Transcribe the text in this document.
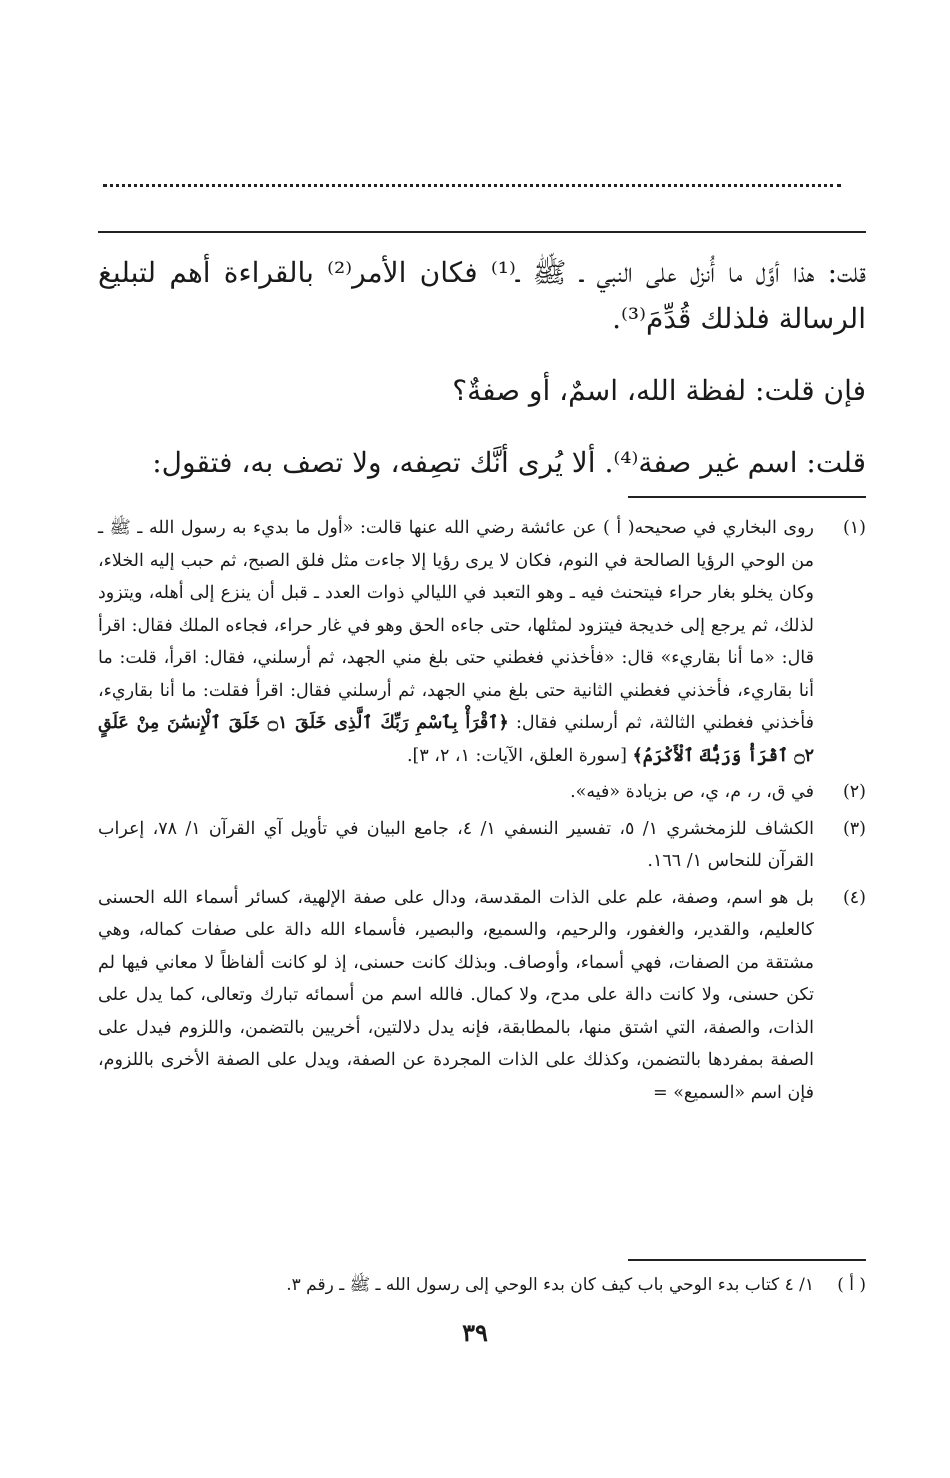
قلت: هذا أوَّل ما أُنزل على النبي ـ ﷺ ـ⁽¹⁾ فكان الأمر⁽²⁾ بالقراءة أهم لتبليغ الرسالة فلذلك قُدِّمَ⁽³⁾.

فإن قلت: لفظة الله، اسمٌ، أو صفةٌ؟

قلت: اسم غير صفة⁽⁴⁾. ألا يُرى أنَّك تصِفه، ولا تصف به، فتقول:

(١)
روى البخاري في صحيحه( أ ) عن عائشة رضي الله عنها قالت: «أول ما بديء به رسول الله ـ ﷺ ـ من الوحي الرؤيا الصالحة في النوم، فكان لا يرى رؤيا إلا جاءت مثل فلق الصبح، ثم حبب إليه الخلاء، وكان يخلو بغار حراء فيتحنث فيه ـ وهو التعبد في الليالي ذوات العدد ـ قبل أن ينزع إلى أهله، ويتزود لذلك، ثم يرجع إلى خديجة فيتزود لمثلها، حتى جاءه الحق وهو في غار حراء، فجاءه الملك فقال: اقرأ قال: «ما أنا بقاريء» قال: «فأخذني فغطني حتى بلغ مني الجهد، ثم أرسلني، فقال: اقرأ، قلت: ما أنا بقاريء، فأخذني فغطني الثانية حتى بلغ مني الجهد، ثم أرسلني فقال: اقرأ فقلت: ما أنا بقاريء، فأخذني فغطني الثالثة، ثم أرسلني فقال: ﴿ٱقْرَأْ بِٱسْمِ رَبِّكَ ٱلَّذِى خَلَقَ ۝١ خَلَقَ ٱلْإِنسَٰنَ مِنْ عَلَقٍ ۝٢ ٱقْرَأْ وَرَبُّكَ ٱلْأَكْرَمُ﴾ [سورة العلق، الآيات: ١، ٢، ٣].
(٢)
في ق، ر، م، ي، ص بزيادة «فيه».
(٣)
الكشاف للزمخشري ١/ ٥، تفسير النسفي ١/ ٤، جامع البيان في تأويل آي القرآن ١/ ٧٨، إعراب القرآن للنحاس ١/ ١٦٦.
(٤)
بل هو اسم، وصفة، علم على الذات المقدسة، ودال على صفة الإلهية، كسائر أسماء الله الحسنى كالعليم، والقدير، والغفور، والرحيم، والسميع، والبصير، فأسماء الله دالة على صفات كماله، وهي مشتقة من الصفات، فهي أسماء، وأوصاف. وبذلك كانت حسنى، إذ لو كانت ألفاظاً لا معاني فيها لم تكن حسنى، ولا كانت دالة على مدح، ولا كمال. فالله اسم من أسمائه تبارك وتعالى، كما يدل على الذات، والصفة، التي اشتق منها، بالمطابقة، فإنه يدل دلالتين، أخريين بالتضمن، واللزوم فيدل على الصفة بمفردها بالتضمن، وكذلك على الذات المجردة عن الصفة، ويدل على الصفة الأخرى باللزوم، فإن اسم «السميع» =
( أ )
١/ ٤ كتاب بدء الوحي باب كيف كان بدء الوحي إلى رسول الله ـ ﷺ ـ رقم ٣.
٣٩
